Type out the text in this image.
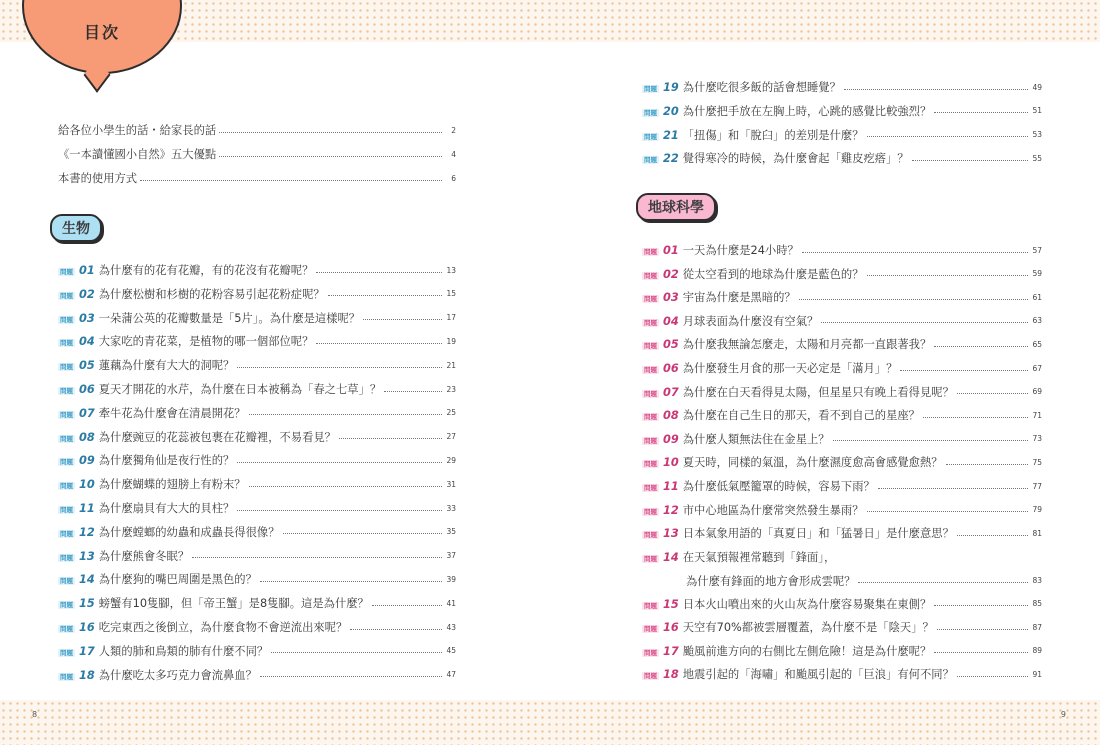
目次
給各位小學生的話・給家長的話	2
《一本讀懂國小自然》五大優點	4
本書的使用方式	6
生物
問題 01 為什麼有的花有花瓣，有的花沒有花瓣呢？	13
問題 02 為什麼松樹和杉樹的花粉容易引起花粉症呢？	15
問題 03 一朵蒲公英的花瓣數量是「5片」。為什麼是這樣呢？	17
問題 04 大家吃的青花菜，是植物的哪一個部位呢？	19
問題 05 蓮藕為什麼有大大的洞呢？	21
問題 06 夏天才開花的水芹，為什麼在日本被稱為「春之七草」？	23
問題 07 牽牛花為什麼會在清晨開花？	25
問題 08 為什麼豌豆的花蕊被包裹在花瓣裡，不易看見？	27
問題 09 為什麼獨角仙是夜行性的？	29
問題 10 為什麼蝴蝶的翅膀上有粉末？	31
問題 11 為什麼扇貝有大大的貝柱？	33
問題 12 為什麼螳螂的幼蟲和成蟲長得很像？	35
問題 13 為什麼熊會冬眠？	37
問題 14 為什麼狗的嘴巴周圍是黑色的？	39
問題 15 螃蟹有10隻腳，但「帝王蟹」是8隻腳。這是為什麼？	41
問題 16 吃完東西之後倒立，為什麼食物不會逆流出來呢？	43
問題 17 人類的肺和鳥類的肺有什麼不同？	45
問題 18 為什麼吃太多巧克力會流鼻血？	47
問題 19 為什麼吃很多飯的話會想睡覺？	49
問題 20 為什麼把手放在左胸上時，心跳的感覺比較強烈？	51
問題 21 「扭傷」和「脫臼」的差別是什麼？	53
問題 22 覺得寒冷的時候，為什麼會起「雞皮疙瘩」？	55
地球科學
問題 01 一天為什麼是24小時？	57
問題 02 從太空看到的地球為什麼是藍色的？	59
問題 03 宇宙為什麼是黑暗的？	61
問題 04 月球表面為什麼沒有空氣？	63
問題 05 為什麼我無論怎麼走，太陽和月亮都一直跟著我？	65
問題 06 為什麼發生月食的那一天必定是「滿月」？	67
問題 07 為什麼在白天看得見太陽，但星星只有晚上看得見呢？	69
問題 08 為什麼在自己生日的那天，看不到自己的星座？	71
問題 09 為什麼人類無法住在金星上？	73
問題 10 夏天時，同樣的氣溫，為什麼濕度愈高會感覺愈熱？	75
問題 11 為什麼低氣壓籠罩的時候，容易下雨？	77
問題 12 市中心地區為什麼常突然發生暴雨？	79
問題 13 日本氣象用語的「真夏日」和「猛暑日」是什麼意思？	81
問題 14 在天氣預報裡常聽到「鋒面」，
為什麼有鋒面的地方會形成雲呢？	83
問題 15 日本火山噴出來的火山灰為什麼容易聚集在東側？	85
問題 16 天空有70%都被雲層覆蓋，為什麼不是「陰天」？	87
問題 17 颱風前進方向的右側比左側危險！這是為什麼呢？	89
問題 18 地震引起的「海嘯」和颱風引起的「巨浪」有何不同？	91
8	9
